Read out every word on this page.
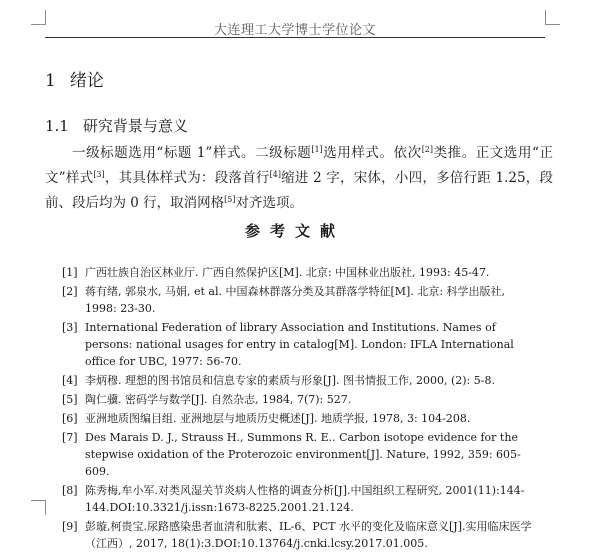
大连理工大学博士学位论文
1 绪论
1.1 研究背景与意义
一级标题选用“标题 1”样式。二级标题[1]选用样式。依次[2]类推。正文选用“正文”样式[3]，其具体样式为：段落首行[4]缩进 2 字，宋体，小四，多倍行距 1.25，段前、段后均为 0 行，取消网格[5]对齐选项。
参考文献
[1] 广西壮族自治区林业厅. 广西自然保护区[M]. 北京: 中国林业出版社, 1993: 45-47.
[2] 蒋有绪, 郭泉水, 马娟, et al. 中国森林群落分类及其群落学特征[M]. 北京: 科学出版社, 1998: 23-30.
[3] International Federation of library Association and Institutions. Names of persons: national usages for entry in catalog[M]. London: IFLA International office for UBC, 1977: 56-70.
[4] 李炳穆. 理想的图书馆员和信息专家的素质与形象[J]. 图书情报工作, 2000, (2): 5-8.
[5] 陶仁骥. 密码学与数学[J]. 自然杂志, 1984, 7(7): 527.
[6] 亚洲地质图编目组. 亚洲地层与地质历史概述[J]. 地质学报, 1978, 3: 104-208.
[7] Des Marais D. J., Strauss H., Summons R. E.. Carbon isotope evidence for the stepwise oxidation of the Proterozoic environment[J]. Nature, 1992, 359: 605-609.
[8] 陈秀梅,牟小军.对类风湿关节炎病人性格的调查分析[J].中国组织工程研究, 2001(11):144-144.DOI:10.3321/j.issn:1673-8225.2001.21.124.
[9] 彭璇,柯贵宝.尿路感染患者血清和肽素、IL-6、PCT 水平的变化及临床意义[J].实用临床医学（江西）, 2017, 18(1):3.DOI:10.13764/j.cnki.lcsy.2017.01.005.
